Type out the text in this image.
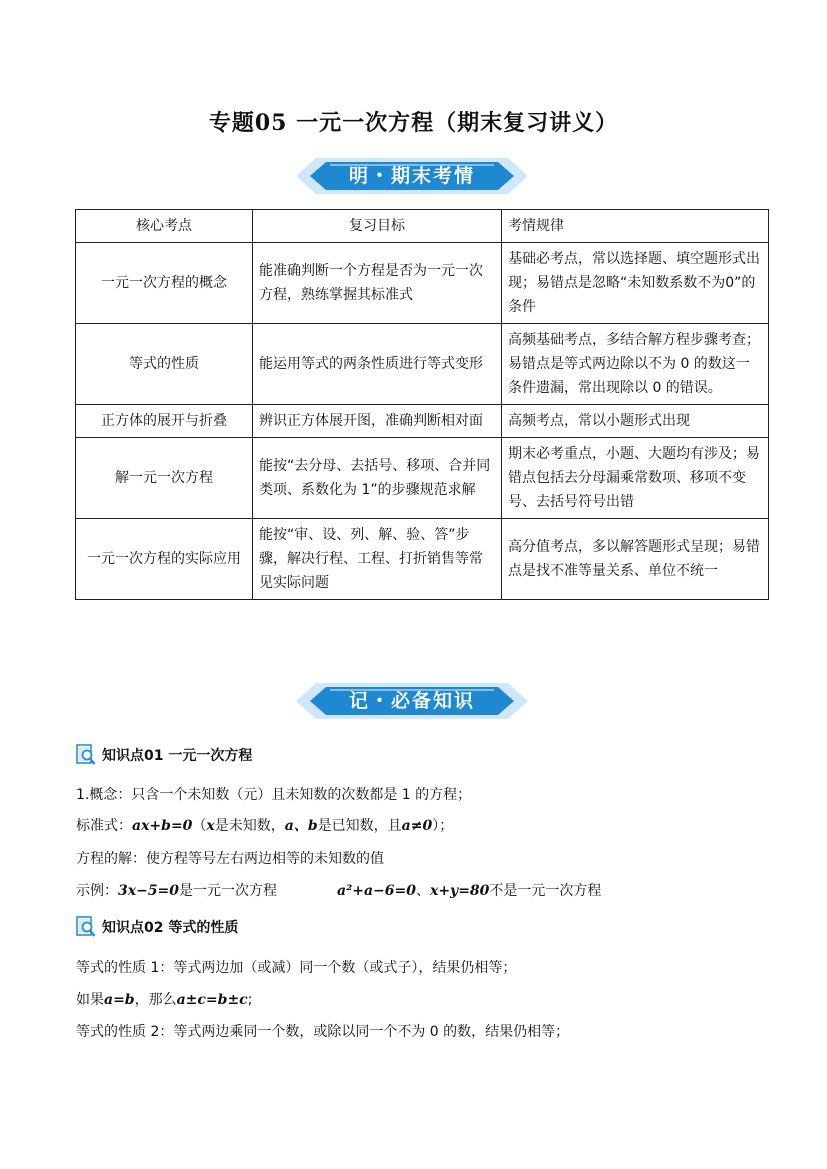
专题05 一元一次方程（期末复习讲义）
明・期末考情
核心考点	复习目标	考情规律
一元一次方程的概念	能准确判断一个方程是否为一元一次方程，熟练掌握其标准式	基础必考点，常以选择题、填空题形式出现；易错点是忽略“未知数系数不为0”的条件
等式的性质	能运用等式的两条性质进行等式变形	高频基础考点，多结合解方程步骤考查；易错点是等式两边除以不为 0 的数这一条件遗漏，常出现除以 0 的错误。
正方体的展开与折叠	辨识正方体展开图，准确判断相对面	高频考点，常以小题形式出现
解一元一次方程	能按“去分母、去括号、移项、合并同类项、系数化为 1”的步骤规范求解	期末必考重点，小题、大题均有涉及；易错点包括去分母漏乘常数项、移项不变号、去括号符号出错
一元一次方程的实际应用	能按“审、设、列、解、验、答”步骤，解决行程、工程、打折销售等常见实际问题	高分值考点，多以解答题形式呈现；易错点是找不准等量关系、单位不统一
记・必备知识
知识点01 一元一次方程
1.概念：只含一个未知数（元）且未知数的次数都是 1 的方程；
标准式：ax+b=0（x是未知数，a、b是已知数，且a≠0）；
方程的解：使方程等号左右两边相等的未知数的值
示例：3x−5=0是一元一次方程	a²+a−6=0、x+y=80不是一元一次方程
知识点02 等式的性质
等式的性质 1：等式两边加（或减）同一个数（或式子），结果仍相等；
如果a=b，那么a±c=b±c;
等式的性质 2：等式两边乘同一个数，或除以同一个不为 0 的数，结果仍相等；
